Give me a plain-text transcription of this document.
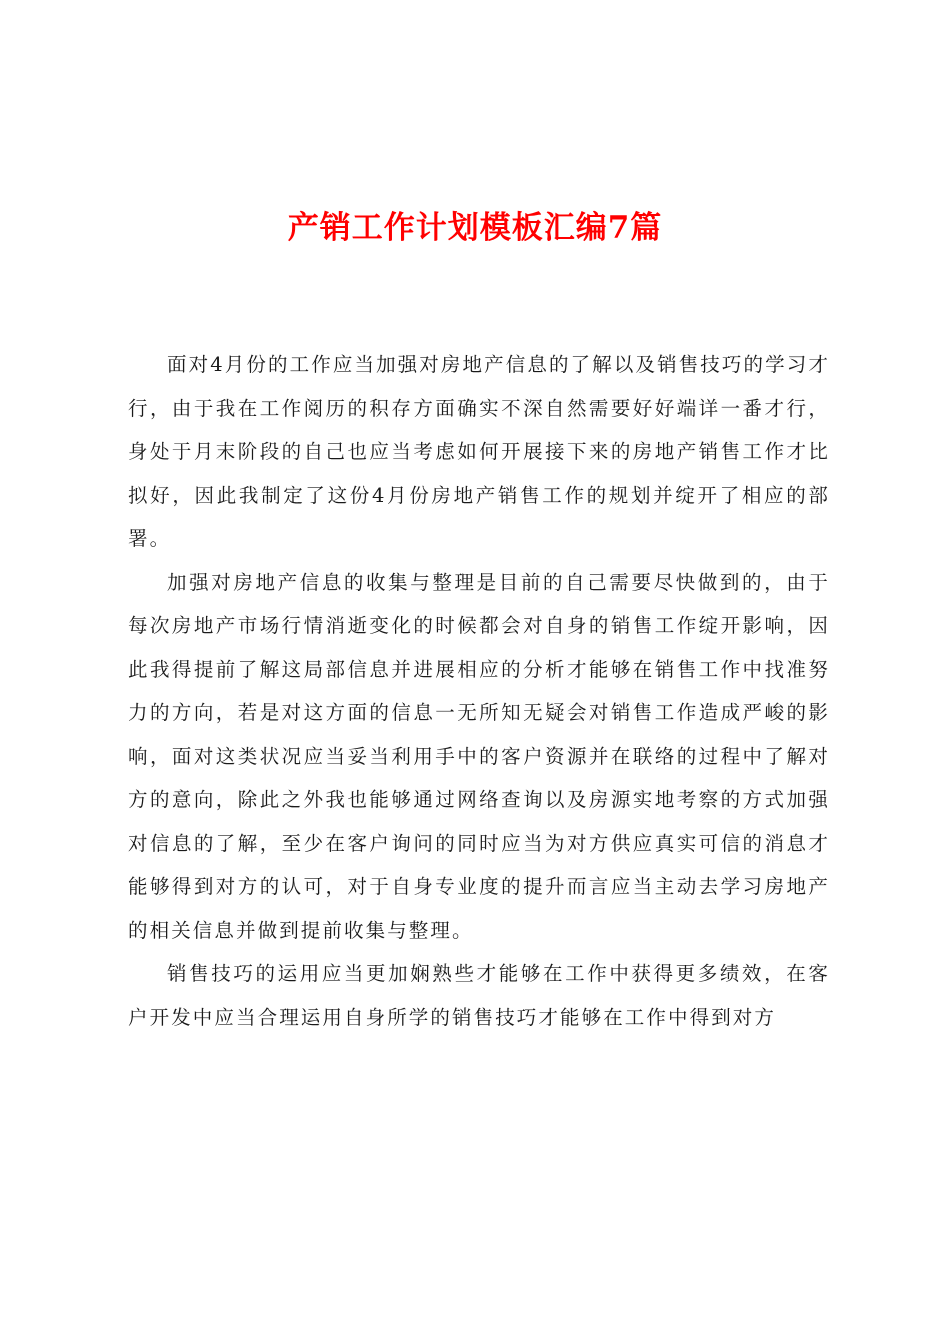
产销工作计划模板汇编7篇

面对4月份的工作应当加强对房地产信息的了解以及销售技巧的学习才行，由于我在工作阅历的积存方面确实不深自然需要好好端详一番才行，身处于月末阶段的自己也应当考虑如何开展接下来的房地产销售工作才比拟好，因此我制定了这份4月份房地产销售工作的规划并绽开了相应的部署。

加强对房地产信息的收集与整理是目前的自己需要尽快做到的，由于每次房地产市场行情消逝变化的时候都会对自身的销售工作绽开影响，因此我得提前了解这局部信息并进展相应的分析才能够在销售工作中找准努力的方向，若是对这方面的信息一无所知无疑会对销售工作造成严峻的影响，面对这类状况应当妥当利用手中的客户资源并在联络的过程中了解对方的意向，除此之外我也能够通过网络查询以及房源实地考察的方式加强对信息的了解，至少在客户询问的同时应当为对方供应真实可信的消息才能够得到对方的认可，对于自身专业度的提升而言应当主动去学习房地产的相关信息并做到提前收集与整理。

销售技巧的运用应当更加娴熟些才能够在工作中获得更多绩效，在客户开发中应当合理运用自身所学的销售技巧才能够在工作中得到对方
